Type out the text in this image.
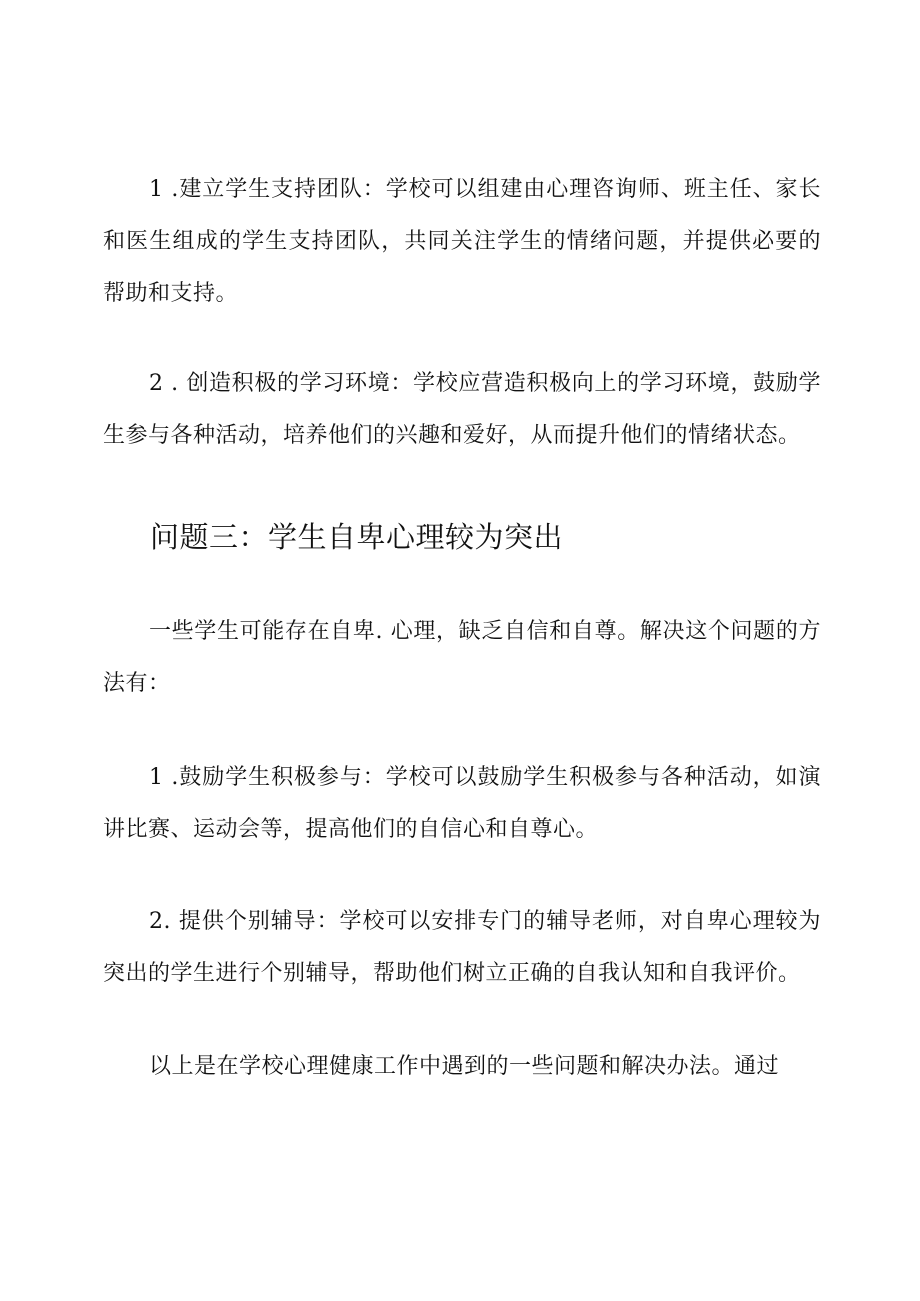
1 .建立学生支持团队：学校可以组建由心理咨询师、班主任、家长和医生组成的学生支持团队，共同关注学生的情绪问题，并提供必要的帮助和支持。

2 . 创造积极的学习环境：学校应营造积极向上的学习环境，鼓励学生参与各种活动，培养他们的兴趣和爱好，从而提升他们的情绪状态。

问题三：学生自卑心理较为突出

一些学生可能存在自卑. 心理，缺乏自信和自尊。解决这个问题的方法有：

1 .鼓励学生积极参与：学校可以鼓励学生积极参与各种活动，如演讲比赛、运动会等，提高他们的自信心和自尊心。

2. 提供个别辅导：学校可以安排专门的辅导老师，对自卑心理较为突出的学生进行个别辅导，帮助他们树立正确的自我认知和自我评价。

以上是在学校心理健康工作中遇到的一些问题和解决办法。通过
